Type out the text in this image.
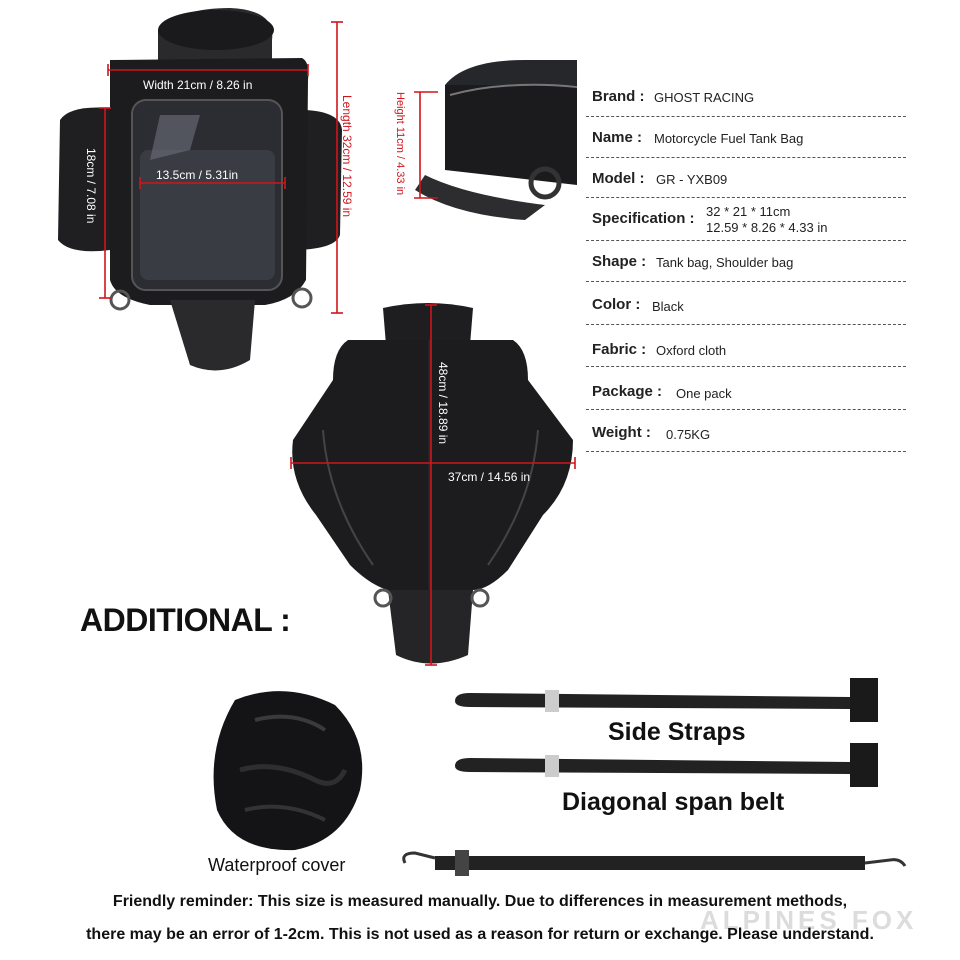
Width 21cm / 8.26 in
13.5cm / 5.31in
18cm / 7.08 in	Length 32cm / 12.59 in	Height 11cm / 4.33 in	Brand : GHOST RACING
Name : Motorcycle Fuel Tank Bag
Model : GR - YXB09
Specification : 32 * 21 * 11cm
12.59 * 8.26 * 4.33 in
Shape : Tank bag, Shoulder bag
Color : Black
Fabric : Oxford cloth
Package : One pack
Weight : 0.75KG
48cm / 18.89 in
37cm / 14.56 in
ADDITIONAL :
Waterproof cover
Side Straps
Diagonal span belt
ALPINES FOX
Friendly reminder: This size is measured manually. Due to differences in measurement methods,
there may be an error of 1-2cm. This is not used as a reason for return or exchange. Please understand.
